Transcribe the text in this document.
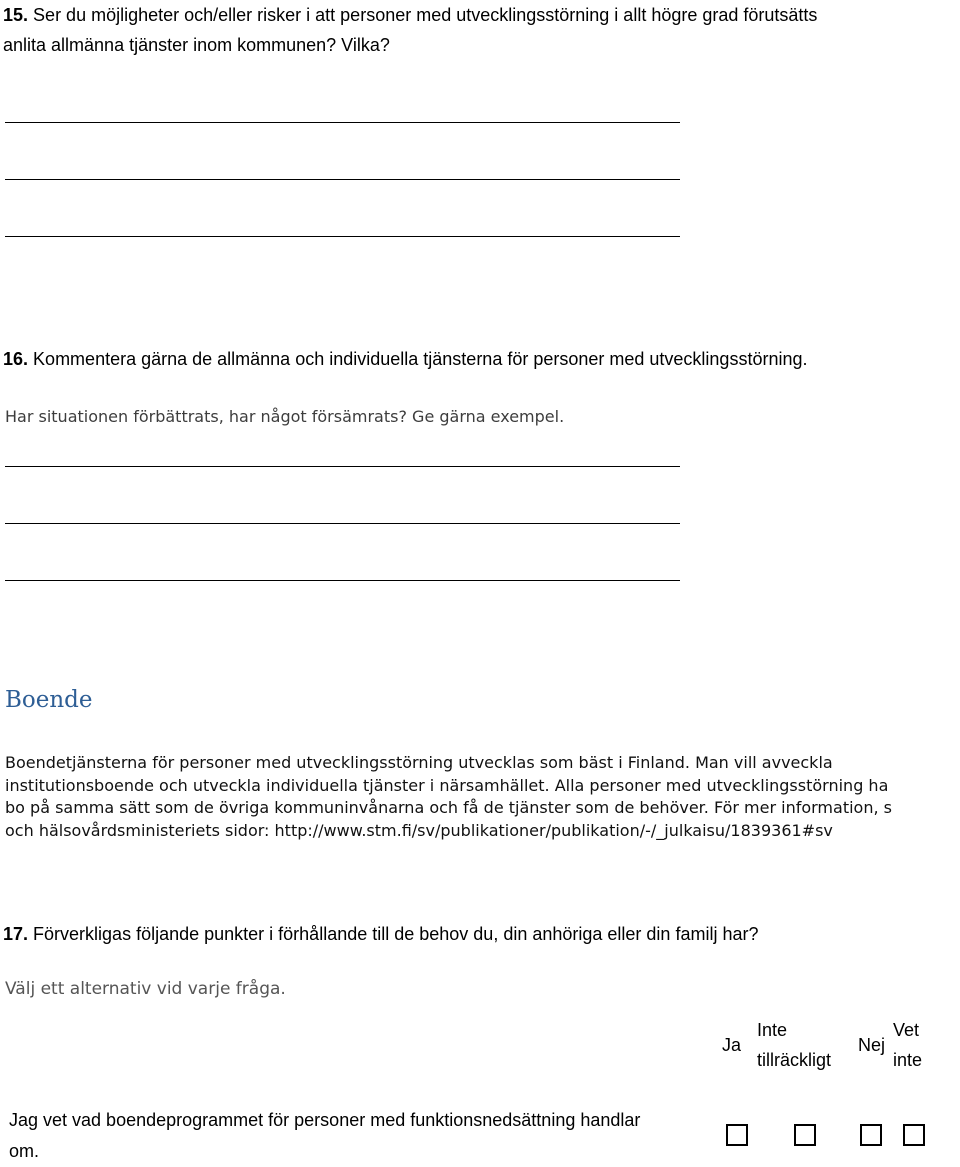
15. Ser du möjligheter och/eller risker i att personer med utvecklingsstörning i allt högre grad förutsätts
anlita allmänna tjänster inom kommunen? Vilka?
16. Kommentera gärna de allmänna och individuella tjänsterna för personer med utvecklingsstörning.
Har situationen förbättrats, har något försämrats? Ge gärna exempel.
Boende
Boendetjänsterna för personer med utvecklingsstörning utvecklas som bäst i Finland. Man vill avveckla
institutionsboende och utveckla individuella tjänster i närsamhället. Alla personer med utvecklingsstörning ha
bo på samma sätt som de övriga kommuninvånarna och få de tjänster som de behöver. För mer information, s
och hälsovårdsministeriets sidor: http://www.stm.fi/sv/publikationer/publikation/-/_julkaisu/1839361#sv
17. Förverkligas följande punkter i förhållande till de behov du, din anhöriga eller din familj har?
Välj ett alternativ vid varje fråga.
Ja
Inte
tillräckligt
Nej
Vet
inte
Jag vet vad boendeprogrammet för personer med funktionsnedsättning handlar om.
